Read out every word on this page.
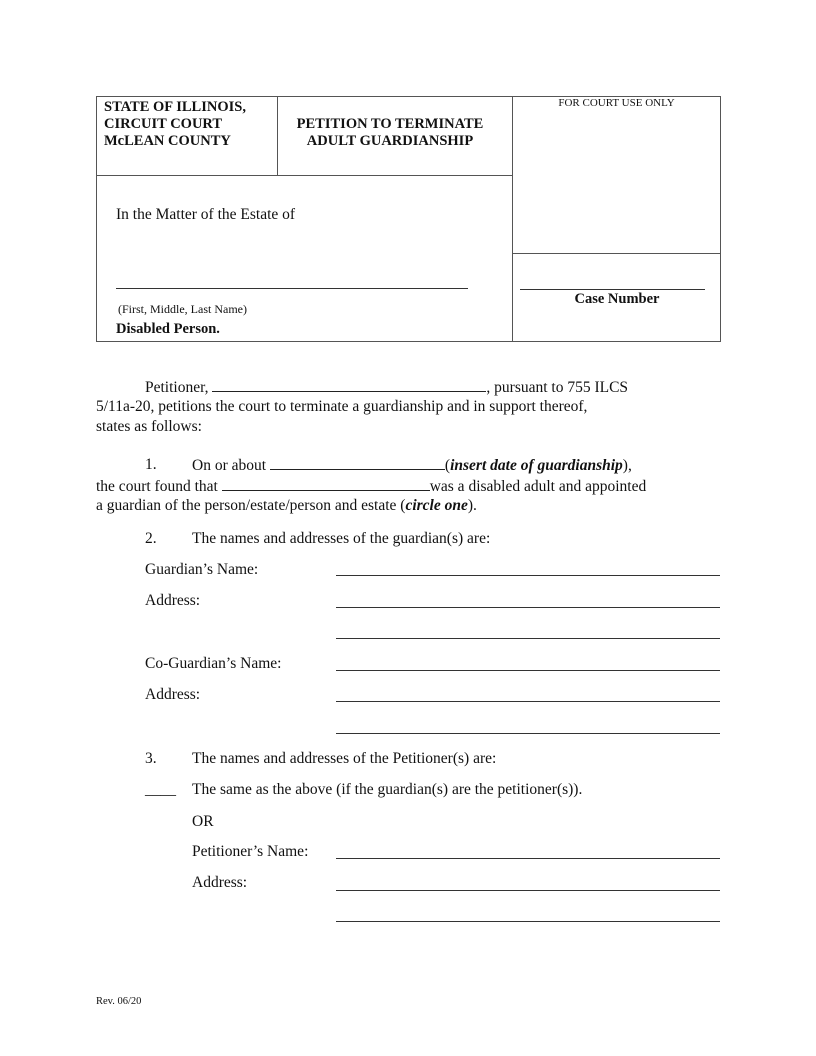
STATE OF ILLINOIS,
CIRCUIT COURT
McLEAN COUNTY
PETITION TO TERMINATE
ADULT GUARDIANSHIP
FOR COURT USE ONLY
In the Matter of the Estate of
(First, Middle, Last Name)
Disabled Person.
Case Number
Petitioner,	, pursuant to 755 ILCS
5/11a-20, petitions the court to terminate a guardianship and in support thereof,
states as follows:
1. On or about	(insert date of guardianship),
the court found that	was a disabled adult and appointed
a guardian of the person/estate/person and estate (circle one).
2. The names and addresses of the guardian(s) are:
Guardian’s Name:
Address:
Co-Guardian’s Name:
Address:
3. The names and addresses of the Petitioner(s) are:
____ The same as the above (if the guardian(s) are the petitioner(s)).
OR
Petitioner’s Name:
Address:
Rev. 06/20
